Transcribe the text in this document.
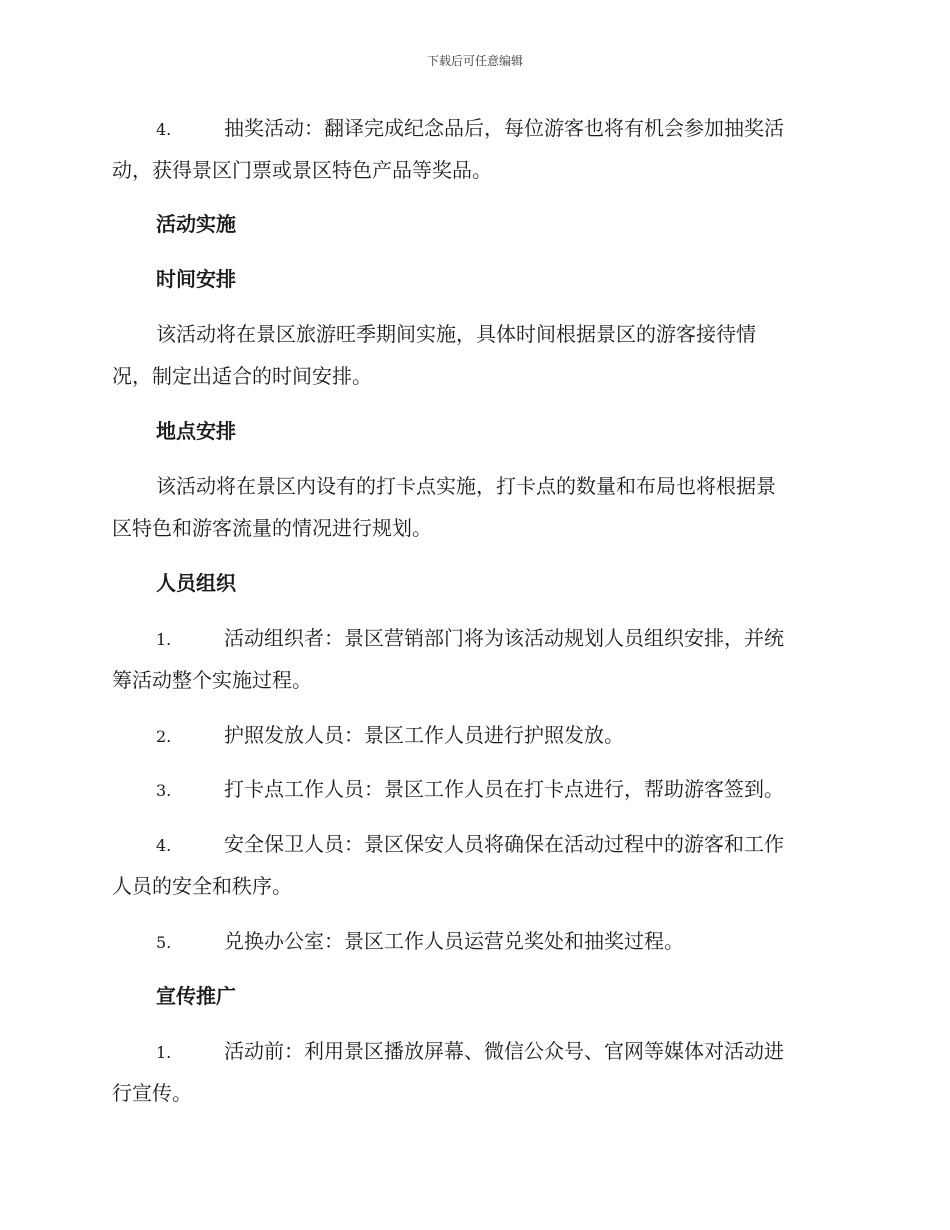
下载后可任意编辑
4.	抽奖活动：翻译完成纪念品后，每位游客也将有机会参加抽奖活
动，获得景区门票或景区特色产品等奖品。
活动实施
时间安排
该活动将在景区旅游旺季期间实施，具体时间根据景区的游客接待情
况，制定出适合的时间安排。
地点安排
该活动将在景区内设有的打卡点实施，打卡点的数量和布局也将根据景
区特色和游客流量的情况进行规划。
人员组织
1.	活动组织者：景区营销部门将为该活动规划人员组织安排，并统
筹活动整个实施过程。
2.	护照发放人员：景区工作人员进行护照发放。
3.	打卡点工作人员：景区工作人员在打卡点进行，帮助游客签到。
4.	安全保卫人员：景区保安人员将确保在活动过程中的游客和工作
人员的安全和秩序。
5.	兑换办公室：景区工作人员运营兑奖处和抽奖过程。
宣传推广
1.	活动前：利用景区播放屏幕、微信公众号、官网等媒体对活动进
行宣传。
